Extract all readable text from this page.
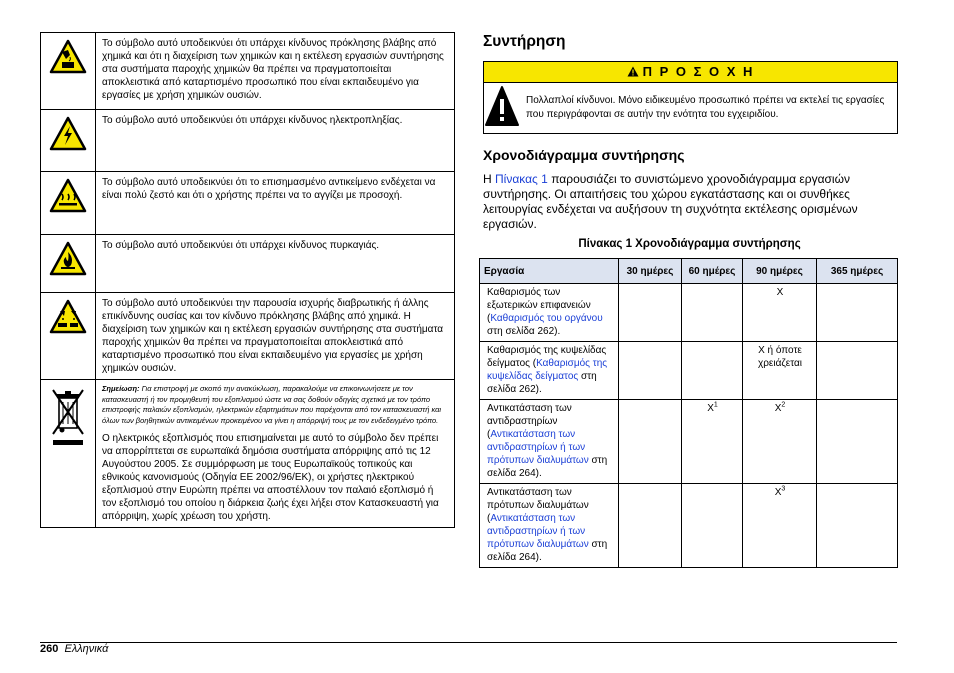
	Το σύμβολο αυτό υποδεικνύει ότι υπάρχει κίνδυνος πρόκλησης βλάβης από χημικά και ότι η διαχείριση των χημικών και η εκτέλεση εργασιών συντήρησης στα συστήματα παροχής χημικών θα πρέπει να πραγματοποιείται αποκλειστικά από καταρτισμένο προσωπικό που είναι εκπαιδευμένο για εργασίες με χρήση χημικών ουσιών.
	Το σύμβολο αυτό υποδεικνύει ότι υπάρχει κίνδυνος ηλεκτροπληξίας.
	Το σύμβολο αυτό υποδεικνύει ότι το επισημασμένο αντικείμενο ενδέχεται να είναι πολύ ζεστό και ότι ο χρήστης πρέπει να το αγγίζει με προσοχή.
	Το σύμβολο αυτό υποδεικνύει ότι υπάρχει κίνδυνος πυρκαγιάς.
	Το σύμβολο αυτό υποδεικνύει την παρουσία ισχυρής διαβρωτικής ή άλλης επικίνδυνης ουσίας και τον κίνδυνο πρόκλησης βλάβης από χημικά. Η διαχείριση των χημικών και η εκτέλεση εργασιών συντήρησης στα συστήματα παροχής χημικών θα πρέπει να πραγματοποιείται αποκλειστικά από καταρτισμένο προσωπικό που είναι εκπαιδευμένο για εργασίες με χρήση χημικών ουσιών.

Σημείωση: Για επιστροφή με σκοπό την ανακύκλωση, παρακαλούμε να επικοινωνήσετε με τον κατασκευαστή ή τον προμηθευτή του εξοπλισμού ώστε να σας δοθούν οδηγίες σχετικά με τον τρόπο επιστροφής παλαιών εξοπλισμών, ηλεκτρικών εξαρτημάτων που παρέχονται από τον κατασκευαστή και όλων των βοηθητικών αντικειμένων προκειμένου να γίνει η απόρριψή τους με τον ενδεδειγμένο τρόπο.
Ο ηλεκτρικός εξοπλισμός που επισημαίνεται με αυτό το σύμβολο δεν πρέπει να απορρίπτεται σε ευρωπαϊκά δημόσια συστήματα απόρριψης από τις 12 Αυγούστου 2005. Σε συμμόρφωση με τους Ευρωπαϊκούς τοπικούς και εθνικούς κανονισμούς (Οδηγία ΕΕ 2002/96/ΕΚ), οι χρήστες ηλεκτρικού εξοπλισμού στην Ευρώπη πρέπει να αποστέλλουν τον παλαιό εξοπλισμό ή τον εξοπλισμό του οποίου η διάρκεια ζωής έχει λήξει στον Κατασκευαστή για απόρριψη, χωρίς χρέωση του χρήστη.
Συντήρηση
Π Ρ Ο Σ Ο Χ Η
Πολλαπλοί κίνδυνοι. Μόνο ειδικευμένο προσωπικό πρέπει να εκτελεί τις εργασίες που περιγράφονται σε αυτήν την ενότητα του εγχειριδίου.
Χρονοδιάγραμμα συντήρησης
Η Πίνακας 1 παρουσιάζει το συνιστώμενο χρονοδιάγραμμα εργασιών συντήρησης. Οι απαιτήσεις του χώρου εγκατάστασης και οι συνθήκες λειτουργίας ενδέχεται να αυξήσουν τη συχνότητα εκτέλεσης ορισμένων εργασιών.
Πίνακας 1 Χρονοδιάγραμμα συντήρησης
Εργασία	30 ημέρες	60 ημέρες	90 ημέρες	365 ημέρες
Καθαρισμός των εξωτερικών επιφανειών (Καθαρισμός του οργάνου στη σελίδα 262).			X	
Καθαρισμός της κυψελίδας δείγματος (Καθαρισμός της κυψελίδας δείγματος στη σελίδα 262).			X ή όποτε χρειάζεται	
Αντικατάσταση των αντιδραστηρίων (Αντικατάσταση των αντιδραστηρίων ή των πρότυπων διαλυμάτων στη σελίδα 264).		$X^1$	$X^2$	
Αντικατάσταση των πρότυπων διαλυμάτων (Αντικατάσταση των αντιδραστηρίων ή των πρότυπων διαλυμάτων στη σελίδα 264).			$X^3$	
260 Ελληνικά
